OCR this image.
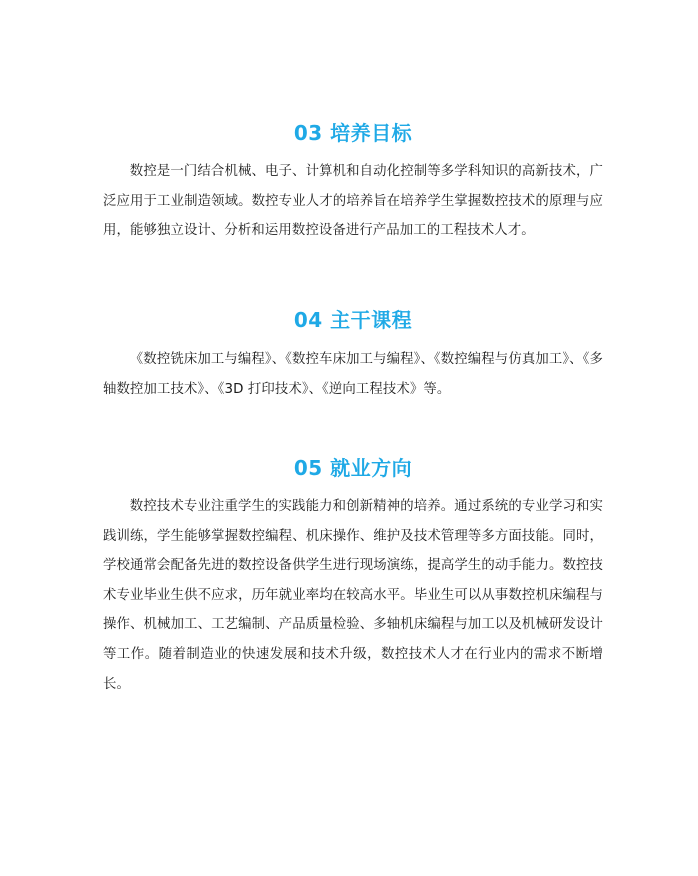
03 培养目标

数控是一门结合机械、电子、计算机和自动化控制等多学科知识的高新技术，广泛应用于工业制造领域。数控专业人才的培养旨在培养学生掌握数控技术的原理与应用，能够独立设计、分析和运用数控设备进行产品加工的工程技术人才。

04 主干课程

《数控铣床加工与编程》、《数控车床加工与编程》、《数控编程与仿真加工》、《多轴数控加工技术》、《3D 打印技术》、《逆向工程技术》等。

05 就业方向

数控技术专业注重学生的实践能力和创新精神的培养。通过系统的专业学习和实践训练，学生能够掌握数控编程、机床操作、维护及技术管理等多方面技能。同时，学校通常会配备先进的数控设备供学生进行现场演练，提高学生的动手能力。数控技术专业毕业生供不应求，历年就业率均在较高水平。毕业生可以从事数控机床编程与操作、机械加工、工艺编制、产品质量检验、多轴机床编程与加工以及机械研发设计等工作。随着制造业的快速发展和技术升级，数控技术人才在行业内的需求不断增长。
